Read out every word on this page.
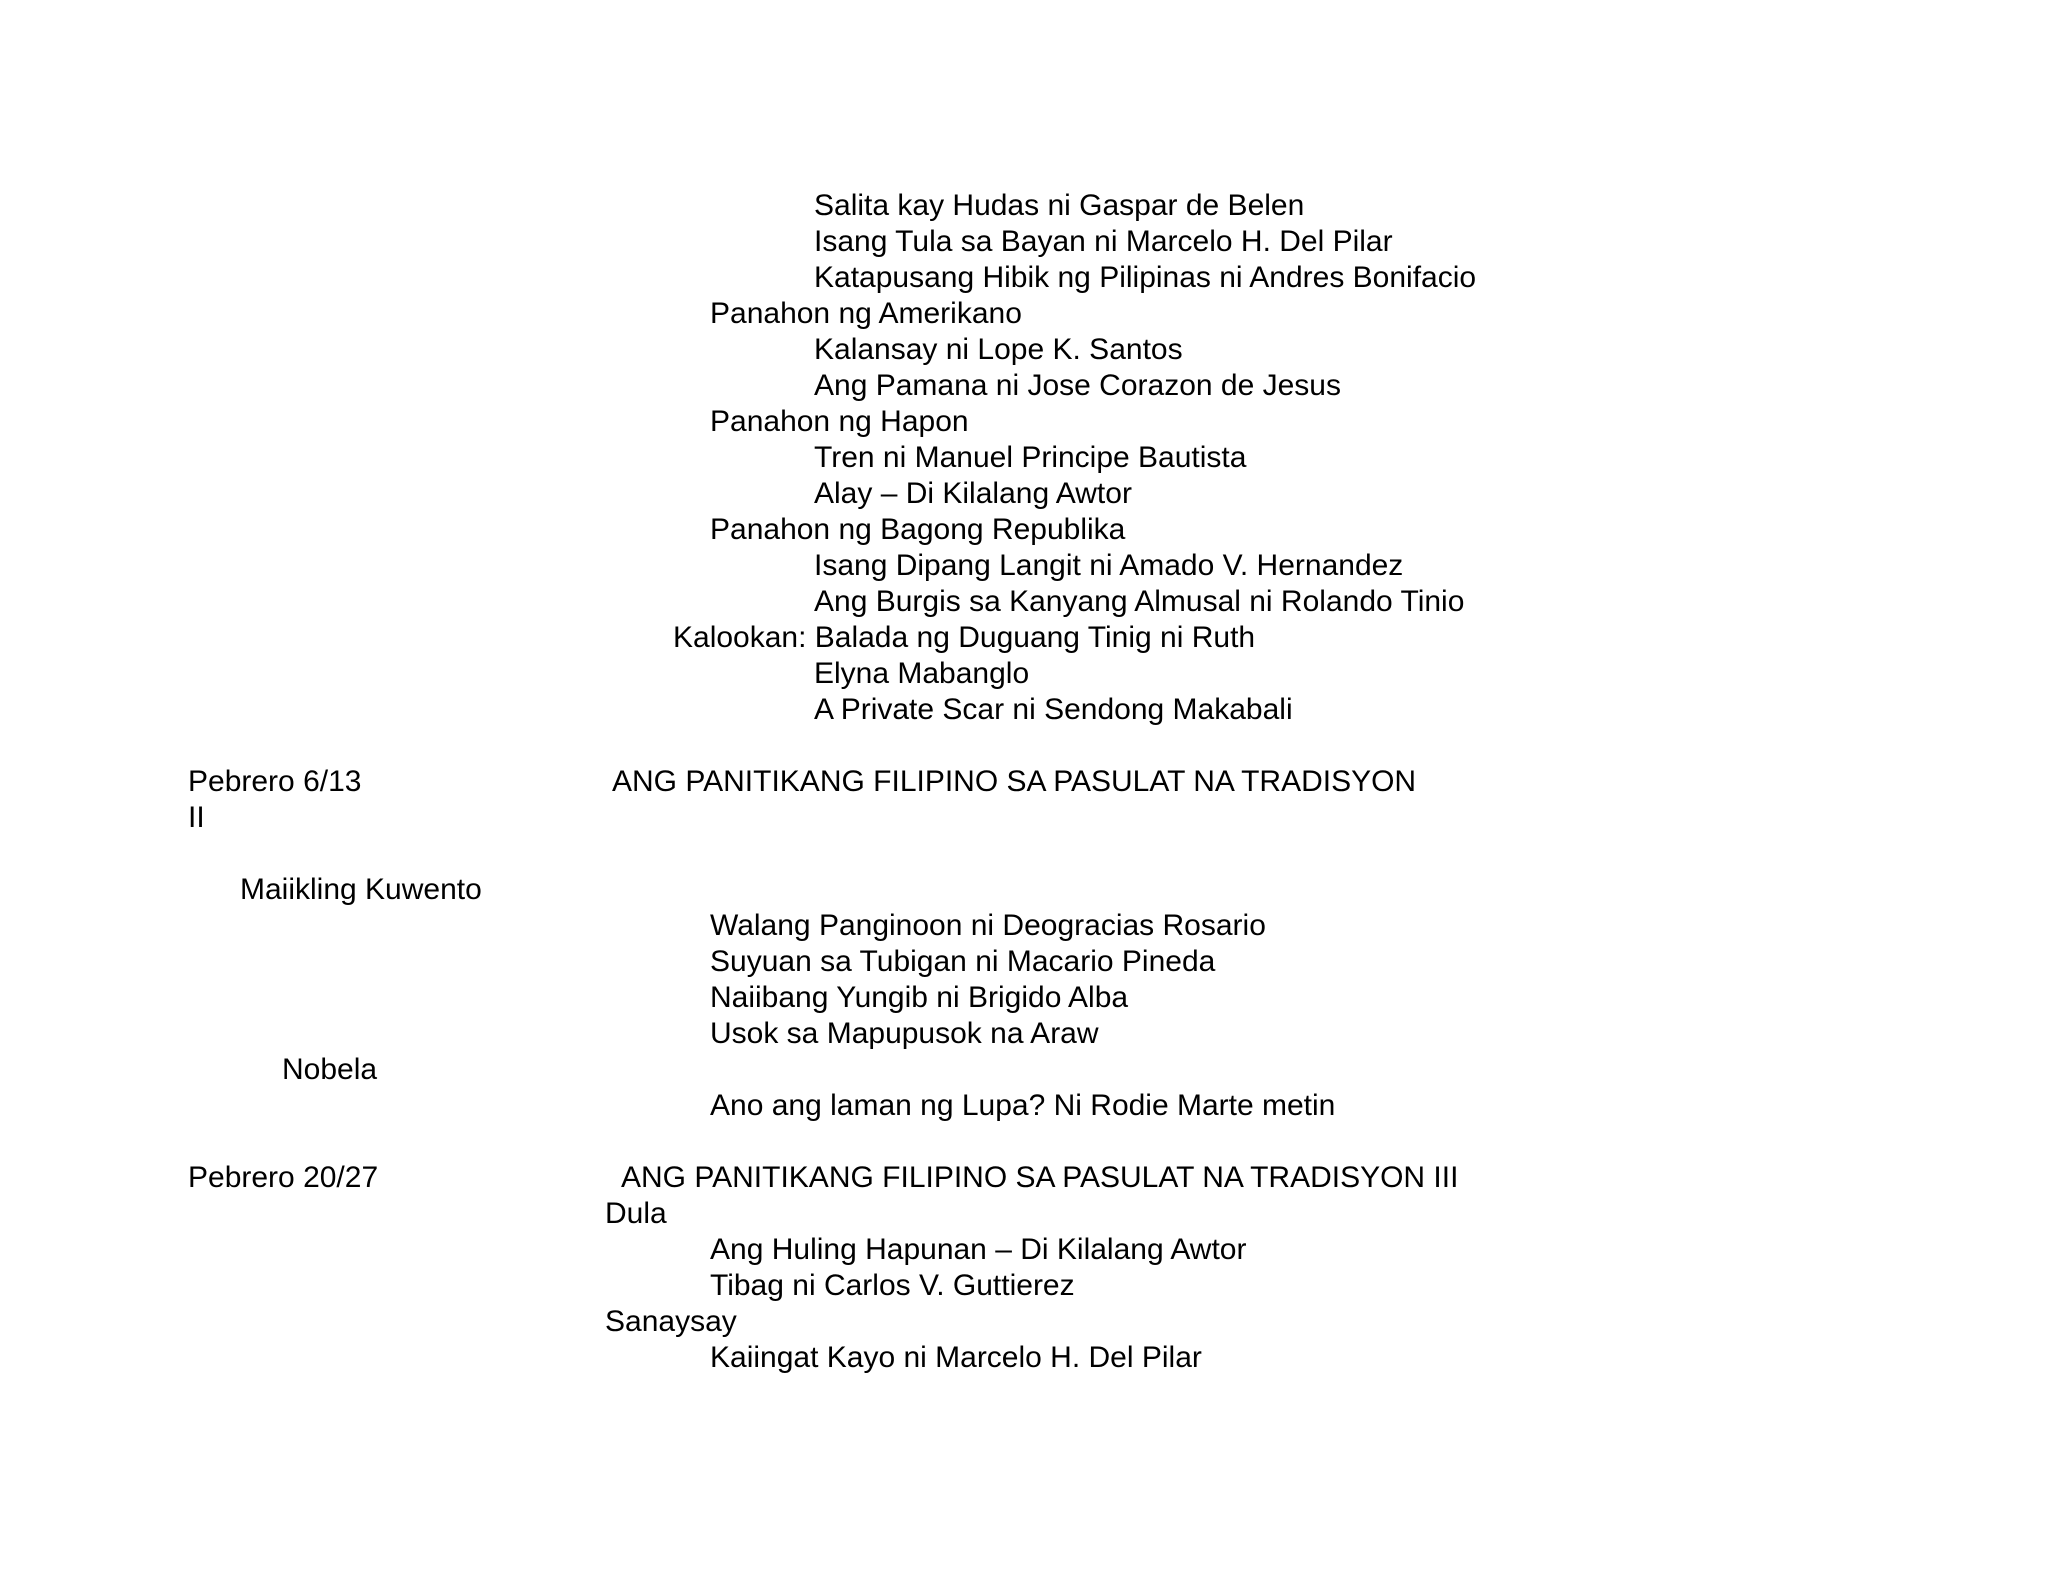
Salita kay Hudas ni Gaspar de Belen

Isang Tula sa Bayan ni Marcelo H. Del Pilar

Katapusang Hibik ng Pilipinas ni Andres Bonifacio

Panahon ng Amerikano

Kalansay ni Lope K. Santos

Ang Pamana ni Jose Corazon de Jesus

Panahon ng Hapon

Tren ni Manuel Principe Bautista

Alay – Di Kilalang Awtor

Panahon ng Bagong Republika

Isang Dipang Langit ni Amado V. Hernandez

Ang Burgis sa Kanyang Almusal ni Rolando Tinio

Kalookan: Balada ng Duguang Tinig ni Ruth

Elyna Mabanglo

A Private Scar ni Sendong Makabali

Pebrero 6/13	ANG PANITIKANG FILIPINO SA PASULAT NA TRADISYON

II

Maiikling Kuwento

Walang Panginoon ni Deogracias Rosario

Suyuan sa Tubigan ni Macario Pineda

Naiibang Yungib ni Brigido Alba

Usok sa Mapupusok na Araw

Nobela

Ano ang laman ng Lupa? Ni Rodie Marte metin

Pebrero 20/27	ANG PANITIKANG FILIPINO SA PASULAT NA TRADISYON III

Dula

Ang Huling Hapunan – Di Kilalang Awtor

Tibag ni Carlos V. Guttierez

Sanaysay

Kaiingat Kayo ni Marcelo H. Del Pilar
